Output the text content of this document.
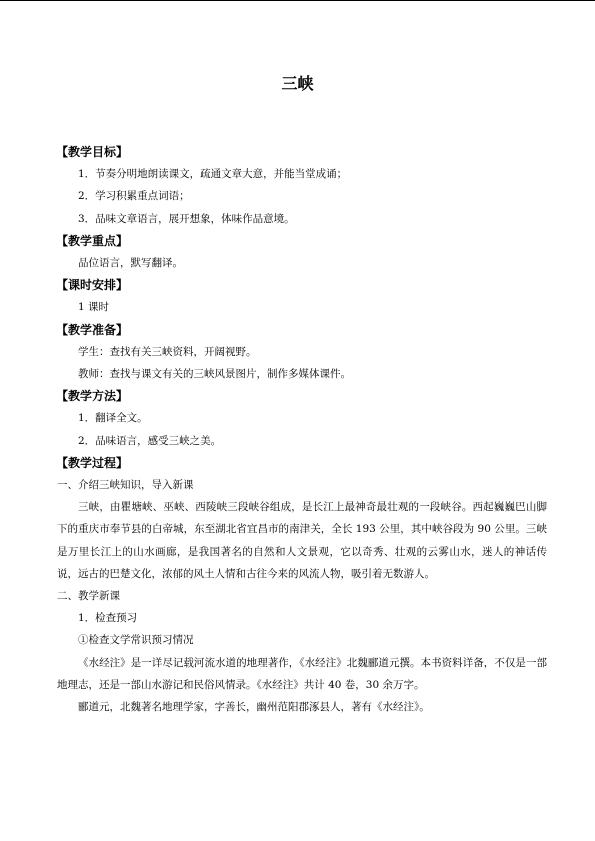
三峡
【教学目标】
1．节奏分明地朗读课文，疏通文章大意，并能当堂成诵；
2．学习积累重点词语；
3．品味文章语言，展开想象，体味作品意境。
【教学重点】
品位语言，默写翻译。
【课时安排】
1 课时
【教学准备】
学生：查找有关三峡资料，开阔视野。
教师：查找与课文有关的三峡风景图片，制作多媒体课件。
【教学方法】
1．翻译全文。
2．品味语言，感受三峡之美。
【教学过程】
一、介绍三峡知识，导入新课
三峡，由瞿塘峡、巫峡、西陵峡三段峡谷组成，是长江上最神奇最壮观的一段峡谷。西起巍巍巴山脚下的重庆市奉节县的白帝城，东至湖北省宜昌市的南津关，全长 193 公里，其中峡谷段为 90 公里。三峡是万里长江上的山水画廊，是我国著名的自然和人文景观，它以奇秀、壮观的云雾山水，迷人的神话传说，远古的巴楚文化，浓郁的风土人情和古往今来的风流人物，吸引着无数游人。
二、教学新课
1．检查预习
①检查文学常识预习情况
《水经注》是一详尽记载河流水道的地理著作，《水经注》北魏郦道元撰。本书资料详备，不仅是一部地理志，还是一部山水游记和民俗风情录。《水经注》共计 40 卷，30 余万字。
郦道元，北魏著名地理学家，字善长，幽州范阳郡涿县人，著有《水经注》。
